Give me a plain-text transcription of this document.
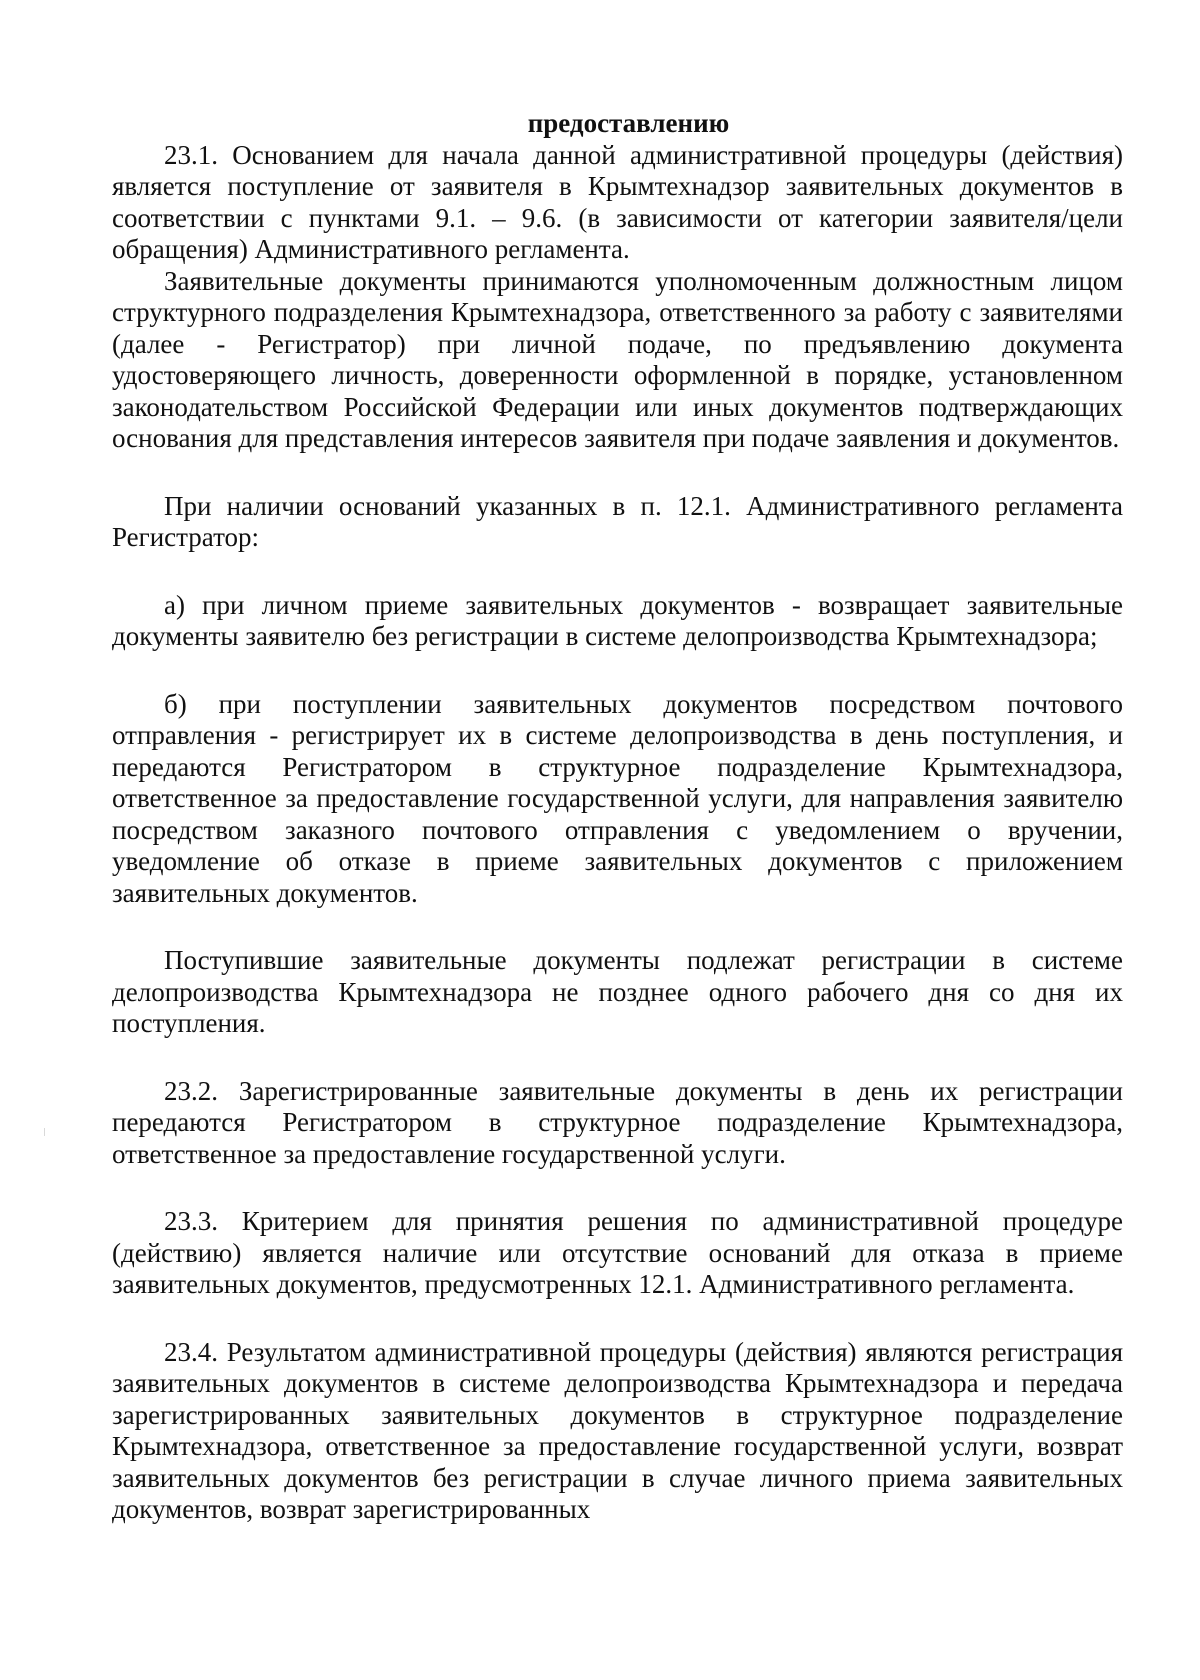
предоставлению

23.1. Основанием для начала данной административной процедуры (действия) является поступление от заявителя в Крымтехнадзор заявительных документов в соответствии с пунктами 9.1. – 9.6. (в зависимости от категории заявителя/цели обращения) Административного регламента.

Заявительные документы принимаются уполномоченным должностным лицом структурного подразделения Крымтехнадзора, ответственного за работу с заявителями (далее - Регистратор) при личной подаче, по предъявлению документа удостоверяющего личность, доверенности оформленной в порядке, установленном законодательством Российской Федерации или иных документов подтверждающих основания для представления интересов заявителя при подаче заявления и документов.

При наличии оснований указанных в п. 12.1. Административного регламента Регистратор:

а) при личном приеме заявительных документов - возвращает заявительные документы заявителю без регистрации в системе делопроизводства Крымтехнадзора;

б) при поступлении заявительных документов посредством почтового отправления - регистрирует их в системе делопроизводства в день поступления, и передаются Регистратором в структурное подразделение Крымтехнадзора, ответственное за предоставление государственной услуги, для направления заявителю посредством заказного почтового отправления с уведомлением о вручении, уведомление об отказе в приеме заявительных документов с приложением заявительных документов.

Поступившие заявительные документы подлежат регистрации в системе делопроизводства Крымтехнадзора не позднее одного рабочего дня со дня их поступления.

23.2. Зарегистрированные заявительные документы в день их регистрации передаются Регистратором в структурное подразделение Крымтехнадзора, ответственное за предоставление государственной услуги.

23.3. Критерием для принятия решения по административной процедуре (действию) является наличие или отсутствие оснований для отказа в приеме заявительных документов, предусмотренных 12.1. Административного регламента.

23.4. Результатом административной процедуры (действия) являются регистрация заявительных документов в системе делопроизводства Крымтехнадзора и передача зарегистрированных заявительных документов в структурное подразделение Крымтехнадзора, ответственное за предоставление государственной услуги, возврат заявительных документов без регистрации в случае личного приема заявительных документов, возврат зарегистрированных
